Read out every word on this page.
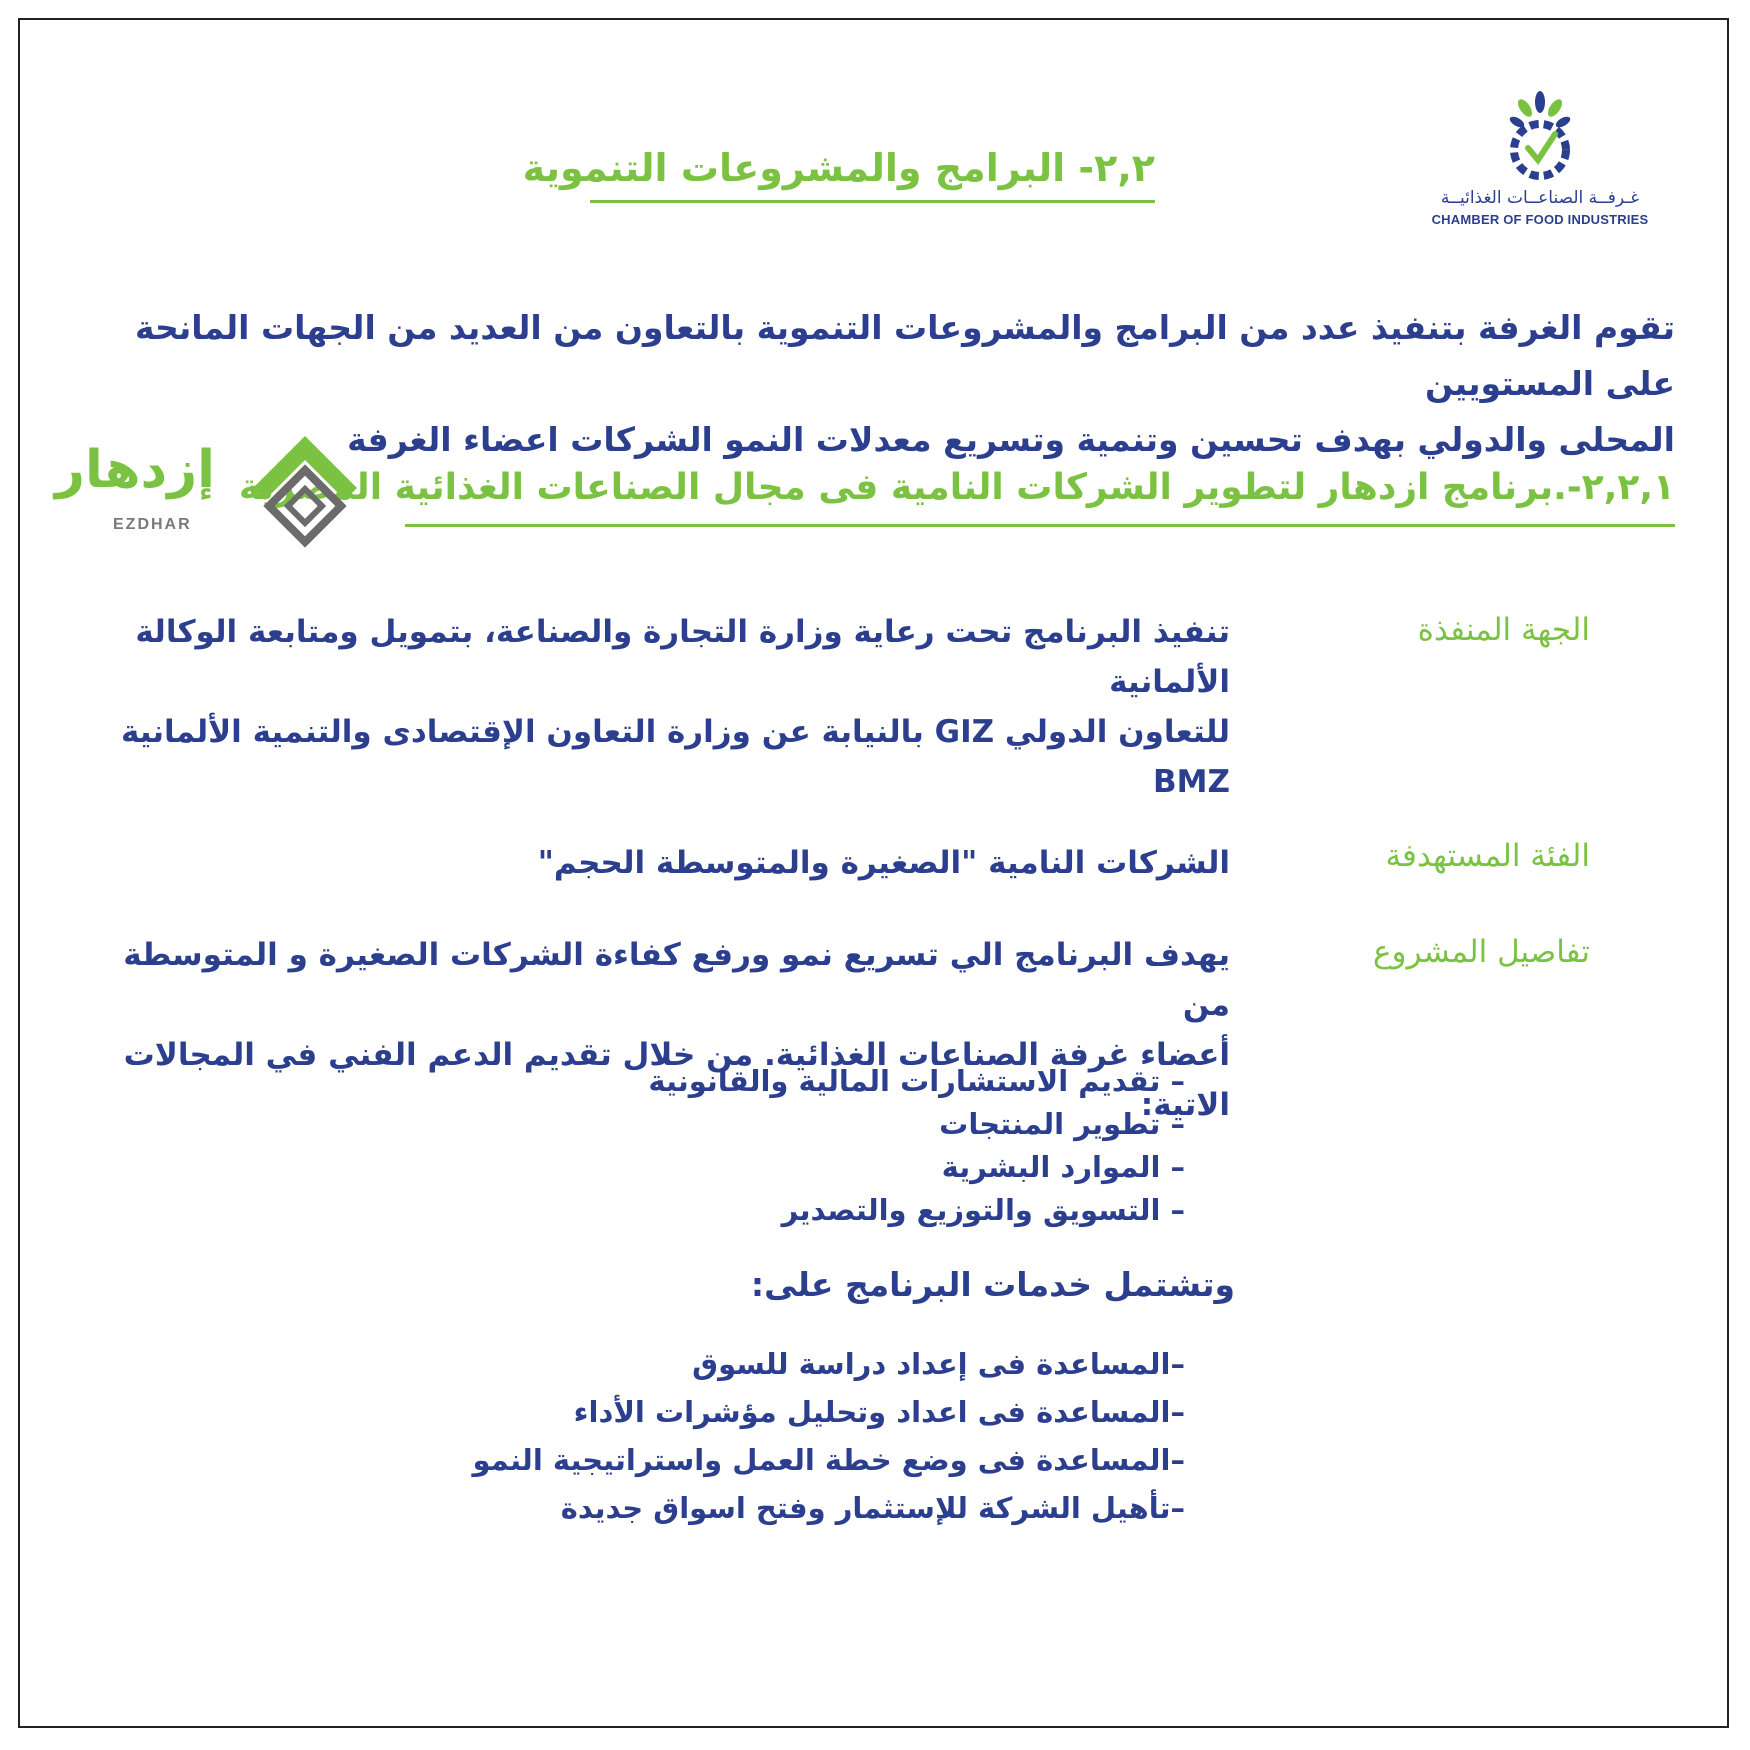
غـرفــة الصناعــات الغذائيــة
CHAMBER OF FOOD INDUSTRIES
٢,٢- البرامج والمشروعات التنموية
تقوم الغرفة بتنفيذ عدد من البرامج والمشروعات التنموية بالتعاون من العديد من الجهات المانحة على المستويين
المحلى والدولي بهدف تحسين وتنمية وتسريع معدلات النمو الشركات اعضاء الغرفة
٢,٢,١-.برنامج ازدهار لتطوير الشركات النامية فى مجال الصناعات الغذائية المصرية
إزدهار
EZDHAR
الجهة المنفذة
تنفيذ البرنامج تحت رعاية وزارة التجارة والصناعة، بتمويل ومتابعة الوكالة الألمانية
للتعاون الدولي GIZ بالنيابة عن وزارة التعاون الإقتصادى والتنمية الألمانية BMZ
الفئة المستهدفة
الشركات النامية "الصغيرة والمتوسطة الحجم"
تفاصيل المشروع
يهدف البرنامج الي تسريع نمو ورفع كفاءة الشركات الصغيرة و المتوسطة من
أعضاء غرفة الصناعات الغذائية. من خلال تقديم الدعم الفني في المجالات الاتية:
– تقديم الاستشارات المالية والقانونية
– تطوير المنتجات
– الموارد البشرية
– التسويق والتوزيع والتصدير
وتشتمل خدمات البرنامج على:
–المساعدة فى إعداد دراسة للسوق
–المساعدة فى اعداد وتحليل مؤشرات الأداء
–المساعدة فى وضع خطة العمل واستراتيجية النمو
–تأهيل الشركة للإستثمار وفتح اسواق جديدة
